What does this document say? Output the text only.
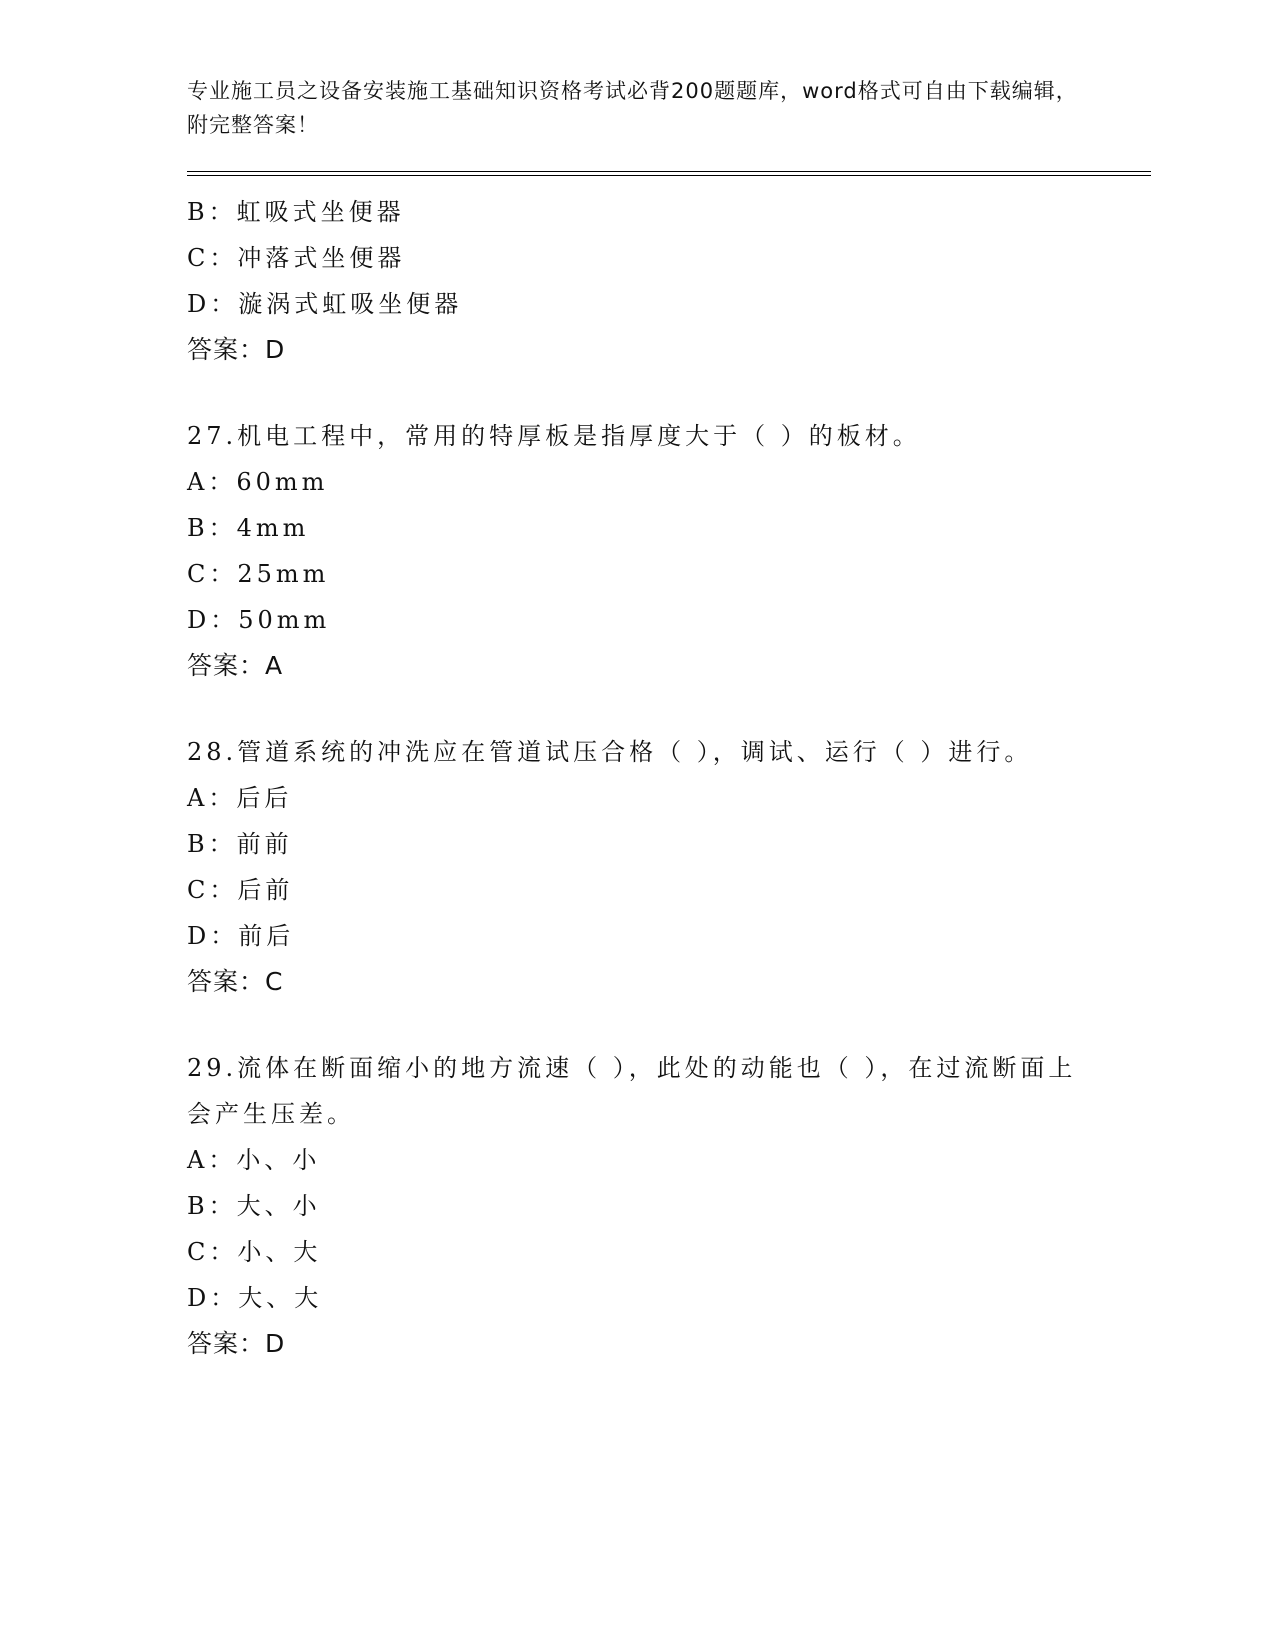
专业施工员之设备安装施工基础知识资格考试必背200题题库，word格式可自由下载编辑，附完整答案！
B：虹吸式坐便器
C：冲落式坐便器
D：漩涡式虹吸坐便器
答案：D
27.机电工程中，常用的特厚板是指厚度大于（ ）的板材。
A：60mm
B：4mm
C：25mm
D：50mm
答案：A
28.管道系统的冲洗应在管道试压合格（ ），调试、运行（ ）进行。
A：后后
B：前前
C：后前
D：前后
答案：C
29.流体在断面缩小的地方流速（ ），此处的动能也（ ），在过流断面上会产生压差。
A：小、小
B：大、小
C：小、大
D：大、大
答案：D
